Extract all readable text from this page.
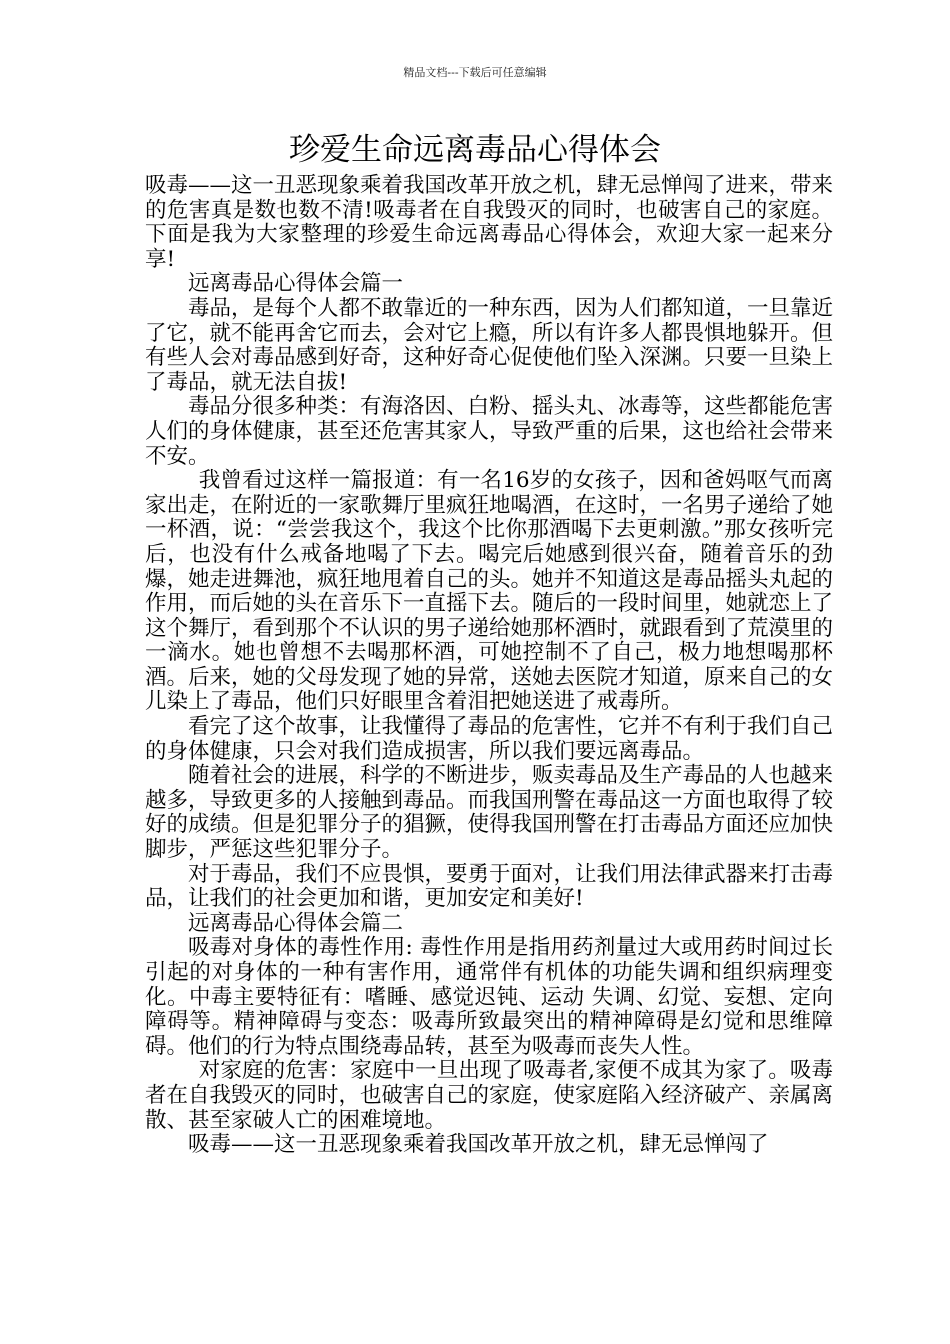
精品文档---下载后可任意编辑
珍爱生命远离毒品心得体会

吸毒——这一丑恶现象乘着我国改革开放之机，肆无忌惮闯了进来，带来的危害真是数也数不清!吸毒者在自我毁灭的同时，也破害自己的家庭。下面是我为大家整理的珍爱生命远离毒品心得体会，欢迎大家一起来分享!

远离毒品心得体会篇一

毒品，是每个人都不敢靠近的一种东西，因为人们都知道，一旦靠近了它，就不能再舍它而去，会对它上瘾，所以有许多人都畏惧地躲开。但有些人会对毒品感到好奇，这种好奇心促使他们坠入深渊。只要一旦染上了毒品，就无法自拔!

毒品分很多种类：有海洛因、白粉、摇头丸、冰毒等，这些都能危害人们的身体健康，甚至还危害其家人，导致严重的后果，这也给社会带来不安。

我曾看过这样一篇报道：有一名16岁的女孩子，因和爸妈呕气而离家出走，在附近的一家歌舞厅里疯狂地喝酒，在这时，一名男子递给了她一杯酒，说：“尝尝我这个，我这个比你那酒喝下去更刺激。”那女孩听完后，也没有什么戒备地喝了下去。喝完后她感到很兴奋，随着音乐的劲爆，她走进舞池，疯狂地甩着自己的头。她并不知道这是毒品摇头丸起的作用，而后她的头在音乐下一直摇下去。随后的一段时间里，她就恋上了这个舞厅，看到那个不认识的男子递给她那杯酒时，就跟看到了荒漠里的一滴水。她也曾想不去喝那杯酒，可她控制不了自己，极力地想喝那杯酒。后来，她的父母发现了她的异常，送她去医院才知道，原来自己的女儿染上了毒品，他们只好眼里含着泪把她送进了戒毒所。

看完了这个故事，让我懂得了毒品的危害性，它并不有利于我们自己的身体健康，只会对我们造成损害，所以我们要远离毒品。

随着社会的进展，科学的不断进步，贩卖毒品及生产毒品的人也越来越多，导致更多的人接触到毒品。而我国刑警在毒品这一方面也取得了较好的成绩。但是犯罪分子的猖獗，使得我国刑警在打击毒品方面还应加快脚步，严惩这些犯罪分子。

对于毒品，我们不应畏惧，要勇于面对，让我们用法律武器来打击毒品，让我们的社会更加和谐，更加安定和美好!

远离毒品心得体会篇二

吸毒对身体的毒性作用: 毒性作用是指用药剂量过大或用药时间过长引起的对身体的一种有害作用，通常伴有机体的功能失调和组织病理变化。中毒主要特征有：嗜睡、感觉迟钝、运动 失调、幻觉、妄想、定向障碍等。精神障碍与变态：吸毒所致最突出的精神障碍是幻觉和思维障碍。他们的行为特点围绕毒品转，甚至为吸毒而丧失人性。

对家庭的危害：家庭中一旦出现了吸毒者,家便不成其为家了。吸毒者在自我毁灭的同时，也破害自己的家庭，使家庭陷入经济破产、亲属离散、甚至家破人亡的困难境地。

吸毒——这一丑恶现象乘着我国改革开放之机，肆无忌惮闯了
